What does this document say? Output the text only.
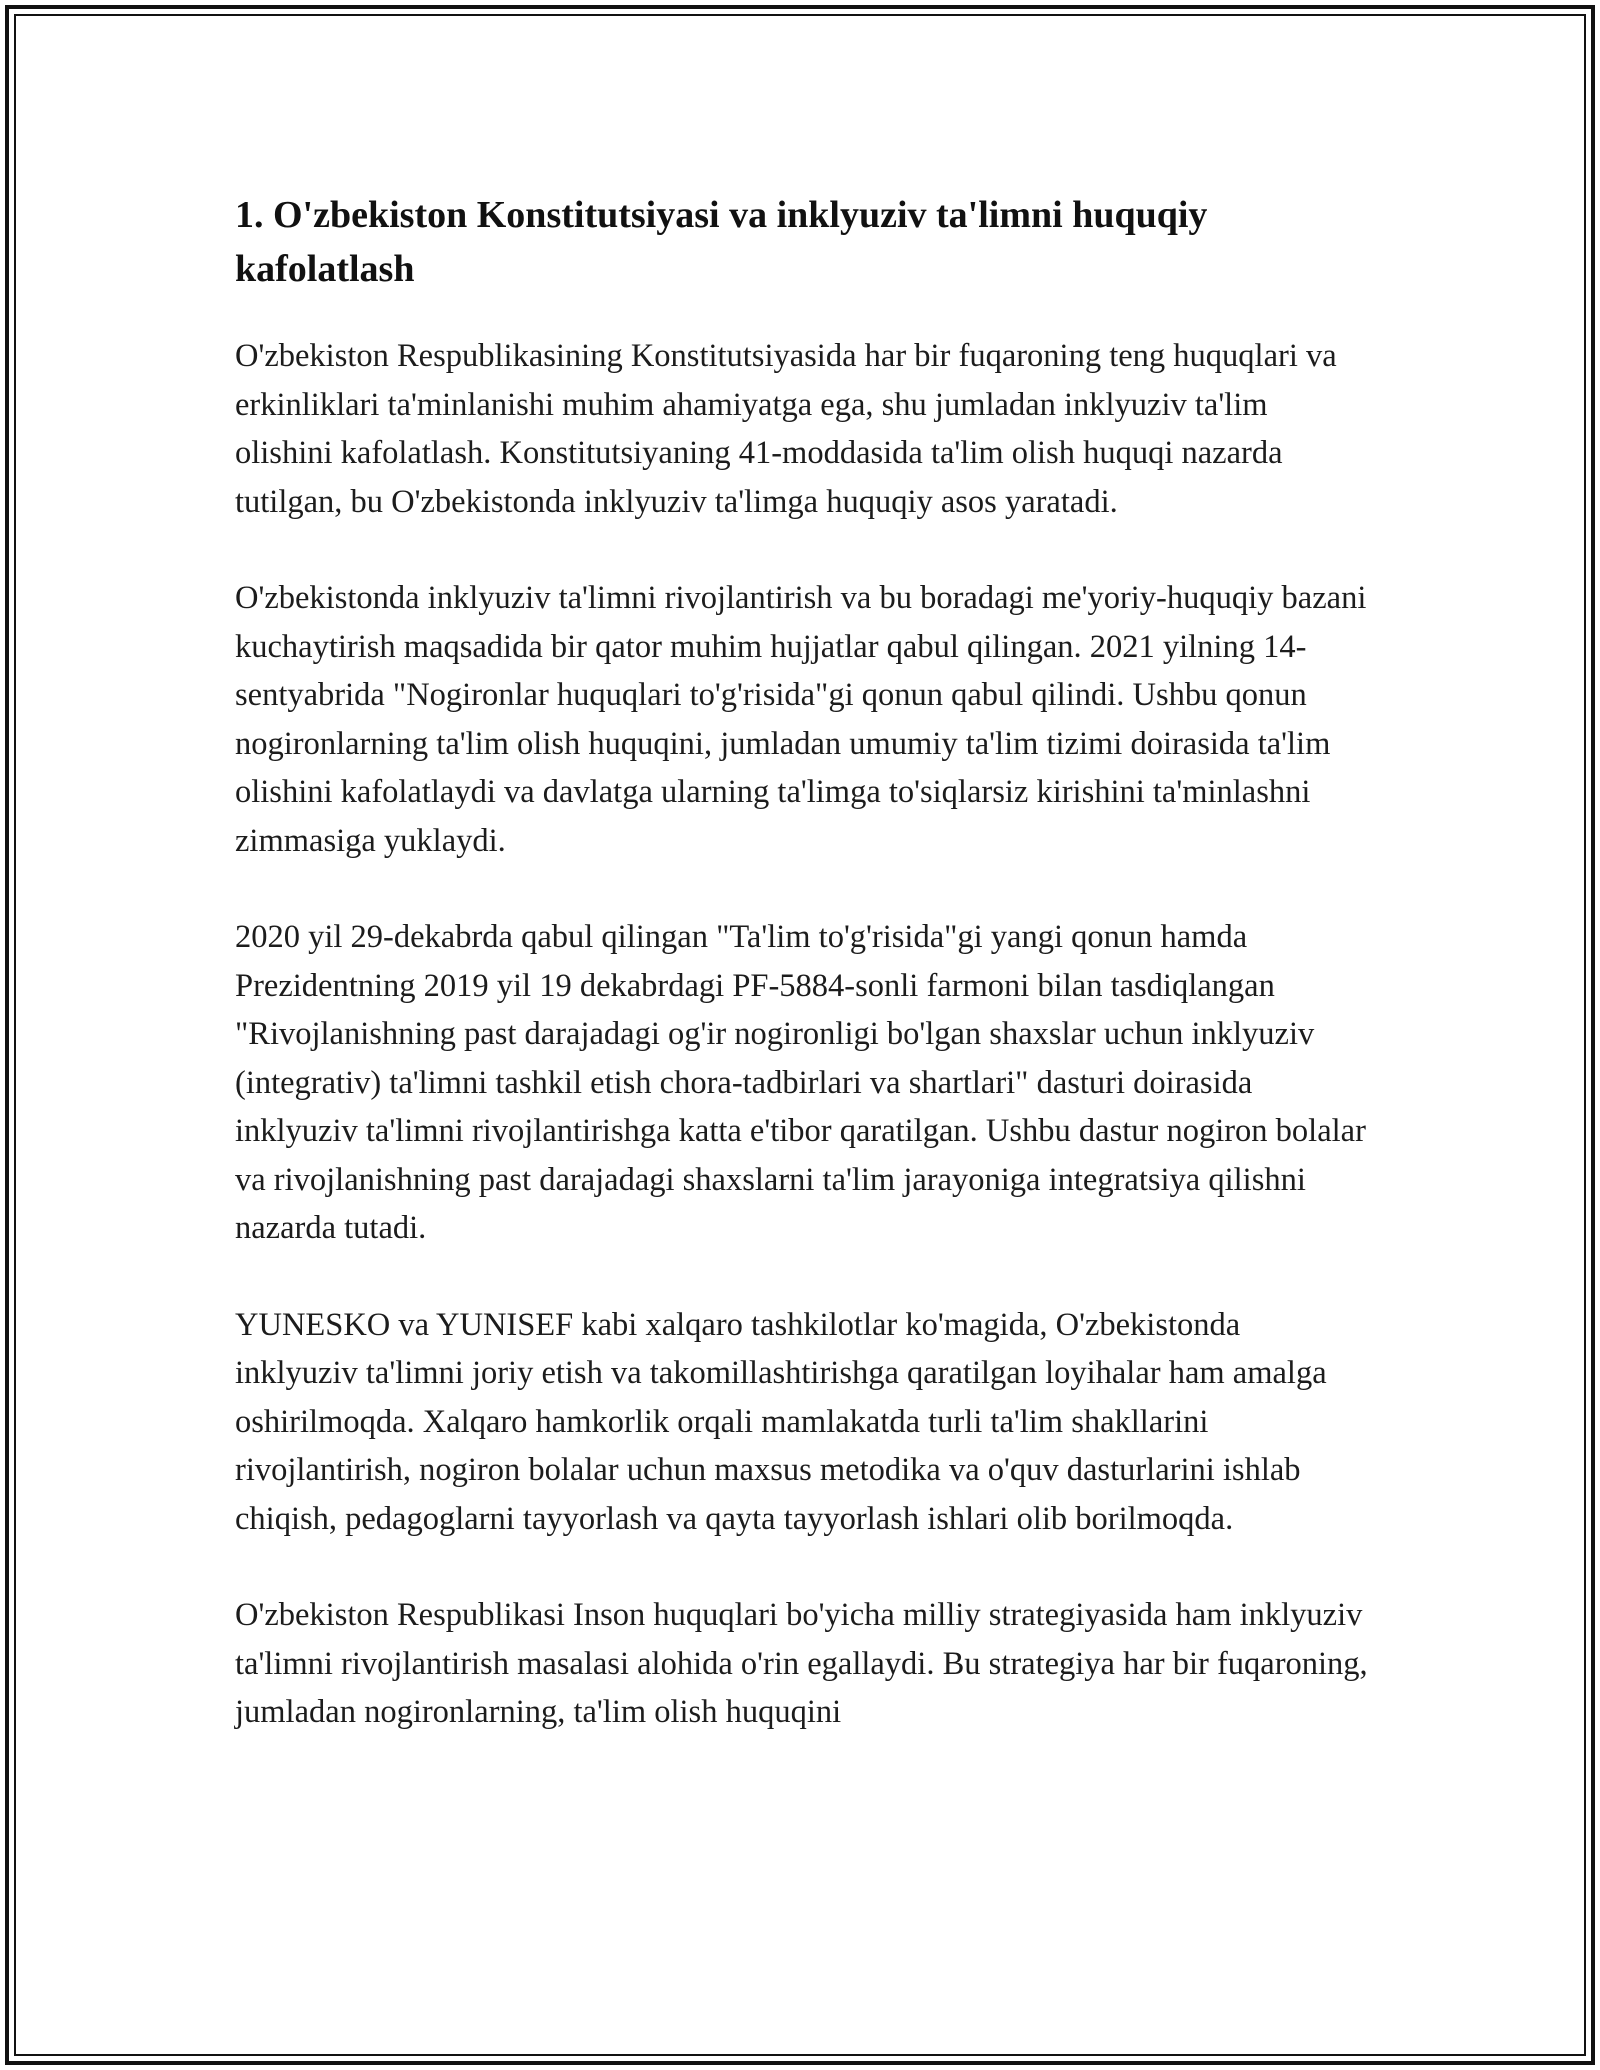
1. O'zbekiston Konstitutsiyasi va inklyuziv ta'limni huquqiy kafolatlash

O'zbekiston Respublikasining Konstitutsiyasida har bir fuqaroning teng huquqlari va erkinliklari ta'minlanishi muhim ahamiyatga ega, shu jumladan inklyuziv ta'lim olishini kafolatlash. Konstitutsiyaning 41-moddasida ta'lim olish huquqi nazarda tutilgan, bu O'zbekistonda inklyuziv ta'limga huquqiy asos yaratadi.

O'zbekistonda inklyuziv ta'limni rivojlantirish va bu boradagi me'yoriy-huquqiy bazani kuchaytirish maqsadida bir qator muhim hujjatlar qabul qilingan. 2021 yilning 14-sentyabrida "Nogironlar huquqlari to'g'risida"gi qonun qabul qilindi. Ushbu qonun nogironlarning ta'lim olish huquqini, jumladan umumiy ta'lim tizimi doirasida ta'lim olishini kafolatlaydi va davlatga ularning ta'limga to'siqlarsiz kirishini ta'minlashni zimmasiga yuklaydi.

2020 yil 29-dekabrda qabul qilingan "Ta'lim to'g'risida"gi yangi qonun hamda Prezidentning 2019 yil 19 dekabrdagi PF-5884-sonli farmoni bilan tasdiqlangan "Rivojlanishning past darajadagi og'ir nogironligi bo'lgan shaxslar uchun inklyuziv (integrativ) ta'limni tashkil etish chora-tadbirlari va shartlari" dasturi doirasida inklyuziv ta'limni rivojlantirishga katta e'tibor qaratilgan. Ushbu dastur nogiron bolalar va rivojlanishning past darajadagi shaxslarni ta'lim jarayoniga integratsiya qilishni nazarda tutadi.

YUNESKO va YUNISEF kabi xalqaro tashkilotlar ko'magida, O'zbekistonda inklyuziv ta'limni joriy etish va takomillashtirishga qaratilgan loyihalar ham amalga oshirilmoqda. Xalqaro hamkorlik orqali mamlakatda turli ta'lim shakllarini rivojlantirish, nogiron bolalar uchun maxsus metodika va o'quv dasturlarini ishlab chiqish, pedagoglarni tayyorlash va qayta tayyorlash ishlari olib borilmoqda.

O'zbekiston Respublikasi Inson huquqlari bo'yicha milliy strategiyasida ham inklyuziv ta'limni rivojlantirish masalasi alohida o'rin egallaydi. Bu strategiya har bir fuqaroning, jumladan nogironlarning, ta'lim olish huquqini
